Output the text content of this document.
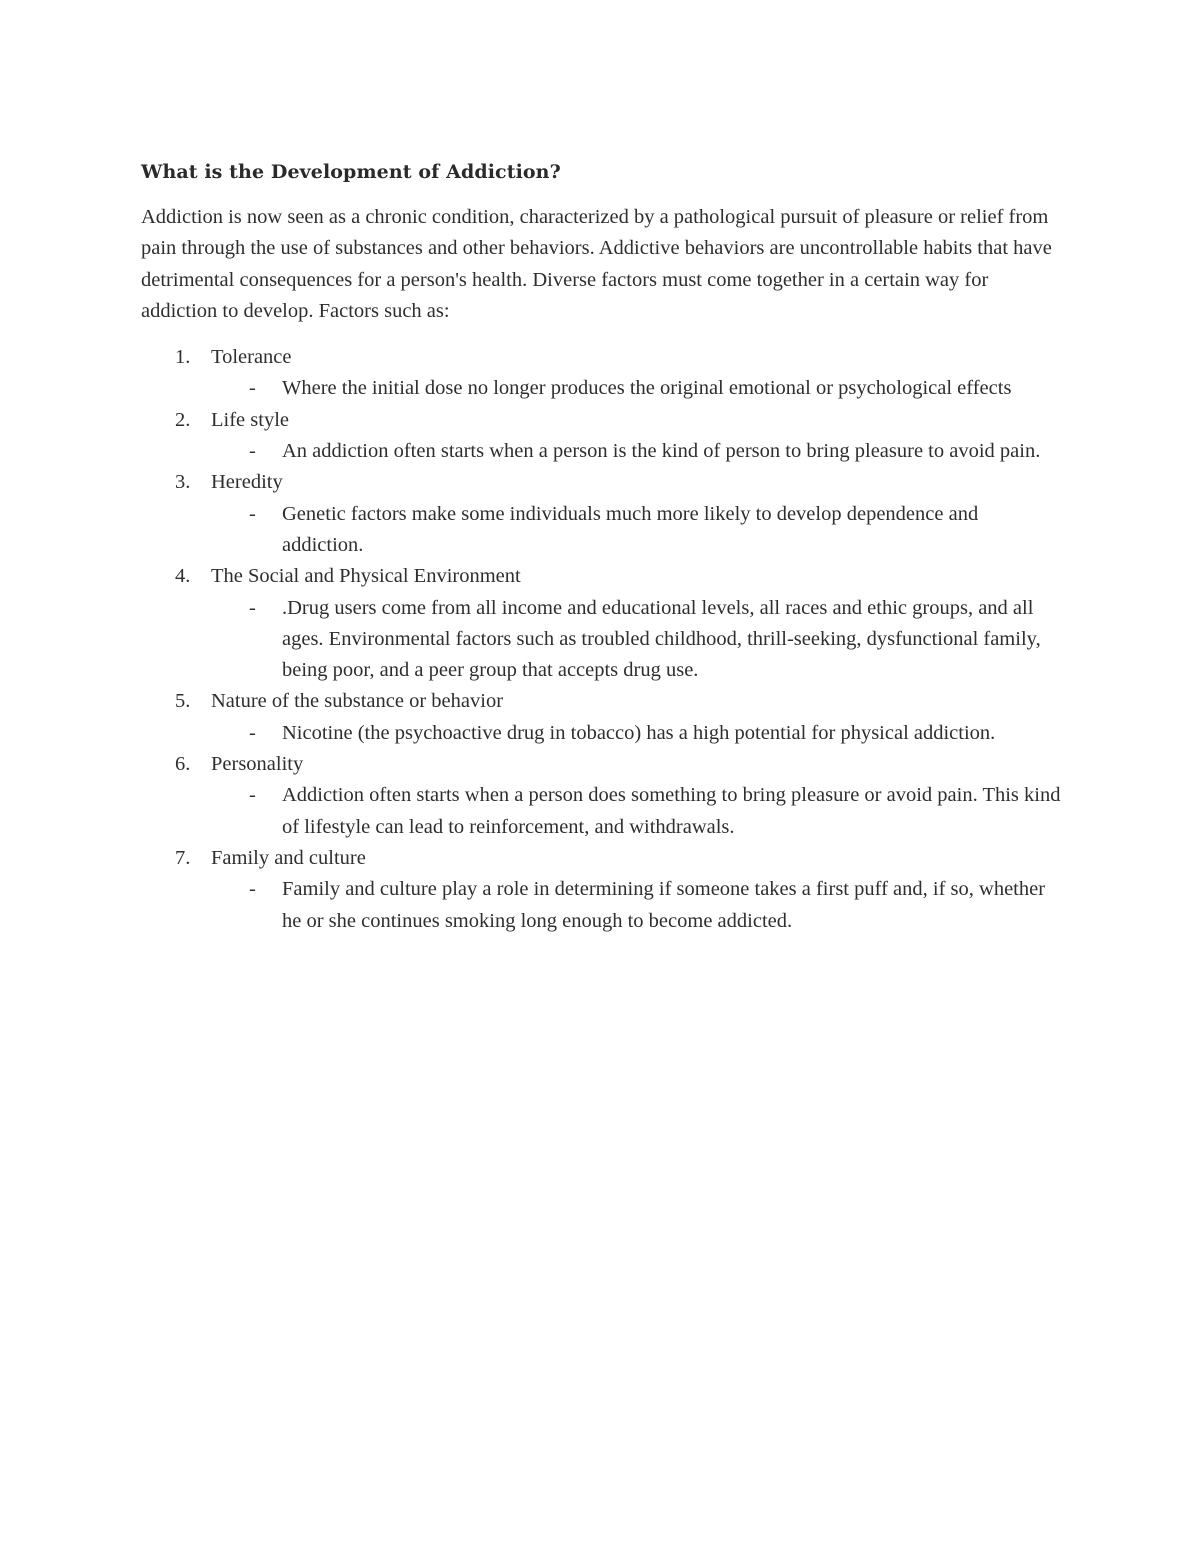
What is the Development of Addiction?

Addiction is now seen as a chronic condition, characterized by a pathological pursuit of pleasure or relief from pain through the use of substances and other behaviors. Addictive behaviors are uncontrollable habits that have detrimental consequences for a person's health. Diverse factors must come together in a certain way for addiction to develop. Factors such as:

1. Tolerance
- Where the initial dose no longer produces the original emotional or psychological effects
2. Life style
- An addiction often starts when a person is the kind of person to bring pleasure to avoid pain.
3. Heredity
- Genetic factors make some individuals much more likely to develop dependence and addiction.
4. The Social and Physical Environment
- .Drug users come from all income and educational levels, all races and ethic groups, and all ages. Environmental factors such as troubled childhood, thrill-seeking, dysfunctional family, being poor, and a peer group that accepts drug use.
5. Nature of the substance or behavior
- Nicotine (the psychoactive drug in tobacco) has a high potential for physical addiction.
6. Personality
- Addiction often starts when a person does something to bring pleasure or avoid pain. This kind of lifestyle can lead to reinforcement, and withdrawals.
7. Family and culture
- Family and culture play a role in determining if someone takes a first puff and, if so, whether he or she continues smoking long enough to become addicted.
